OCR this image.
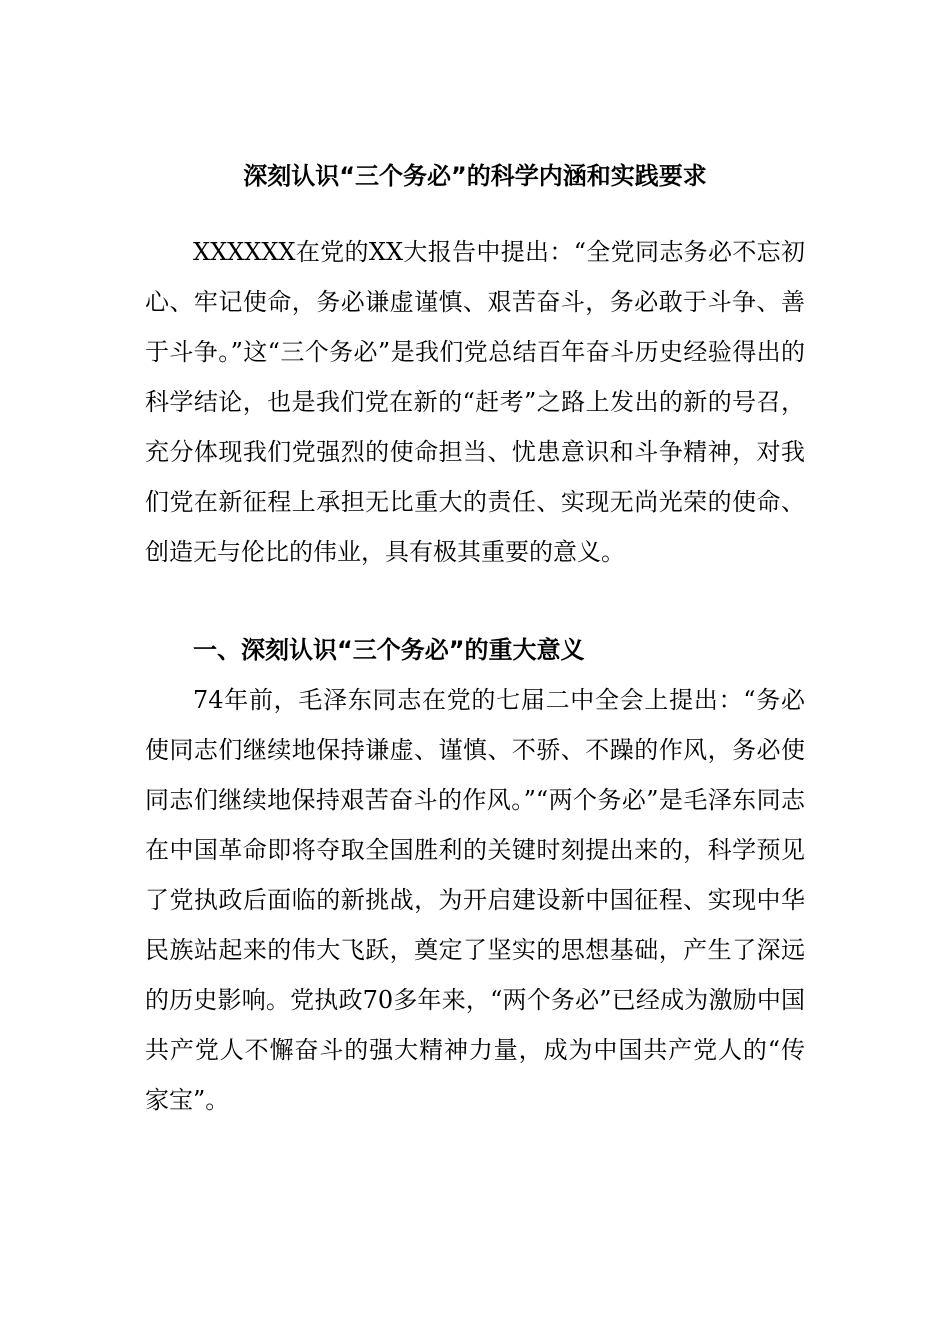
深刻认识“三个务必”的科学内涵和实践要求

XXXXXX在党的XX大报告中提出：“全党同志务必不忘初心、牢记使命，务必谦虚谨慎、艰苦奋斗，务必敢于斗争、善于斗争。”这“三个务必”是我们党总结百年奋斗历史经验得出的科学结论，也是我们党在新的“赶考”之路上发出的新的号召，充分体现我们党强烈的使命担当、忧患意识和斗争精神，对我们党在新征程上承担无比重大的责任、实现无尚光荣的使命、创造无与伦比的伟业，具有极其重要的意义。

一、深刻认识“三个务必”的重大意义

74年前，毛泽东同志在党的七届二中全会上提出：“务必使同志们继续地保持谦虚、谨慎、不骄、不躁的作风，务必使同志们继续地保持艰苦奋斗的作风。”“两个务必”是毛泽东同志在中国革命即将夺取全国胜利的关键时刻提出来的，科学预见了党执政后面临的新挑战，为开启建设新中国征程、实现中华民族站起来的伟大飞跃，奠定了坚实的思想基础，产生了深远的历史影响。党执政70多年来，“两个务必”已经成为激励中国共产党人不懈奋斗的强大精神力量，成为中国共产党人的“传家宝”。
